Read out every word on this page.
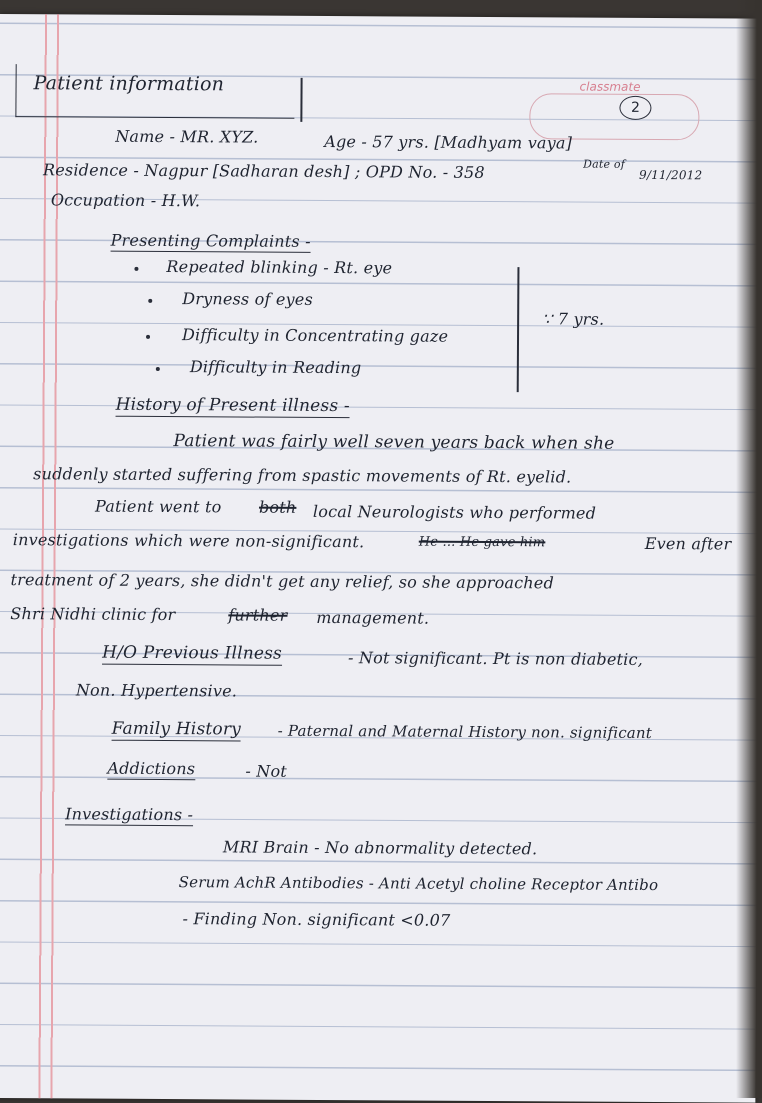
Patient information	classmate
2
Name - MR. XYZ.	Age - 57 yrs. [Madhyam vaya]
Residence - Nagpur [Sadharan desh] ; OPD No. - 358	Date of
9/11/2012
Occupation - H.W.
Presenting Complaints -
Repeated blinking - Rt. eye
Dryness of eyes
Difficulty in Concentrating gaze
Difficulty in Reading
∵ 7 yrs.
History of Present illness -
Patient was fairly well seven years back when she
suddenly started suffering from spastic movements of Rt. eyelid.
Patient went to both local Neurologists who performed
investigations which were non-significant.	He ... He gave him	Even after
treatment of 2 years, she didn't get any relief, so she approached
Shri Nidhi clinic for	further management.
H/O Previous Illness	- Not significant. Pt is non diabetic,
Non. Hypertensive.
Family History - Paternal and Maternal History non. significant
Addictions	- Not
Investigations -
MRI Brain - No abnormality detected.
Serum AchR Antibodies - Anti Acetyl choline Receptor Antibo
- Finding Non. significant <0.07
